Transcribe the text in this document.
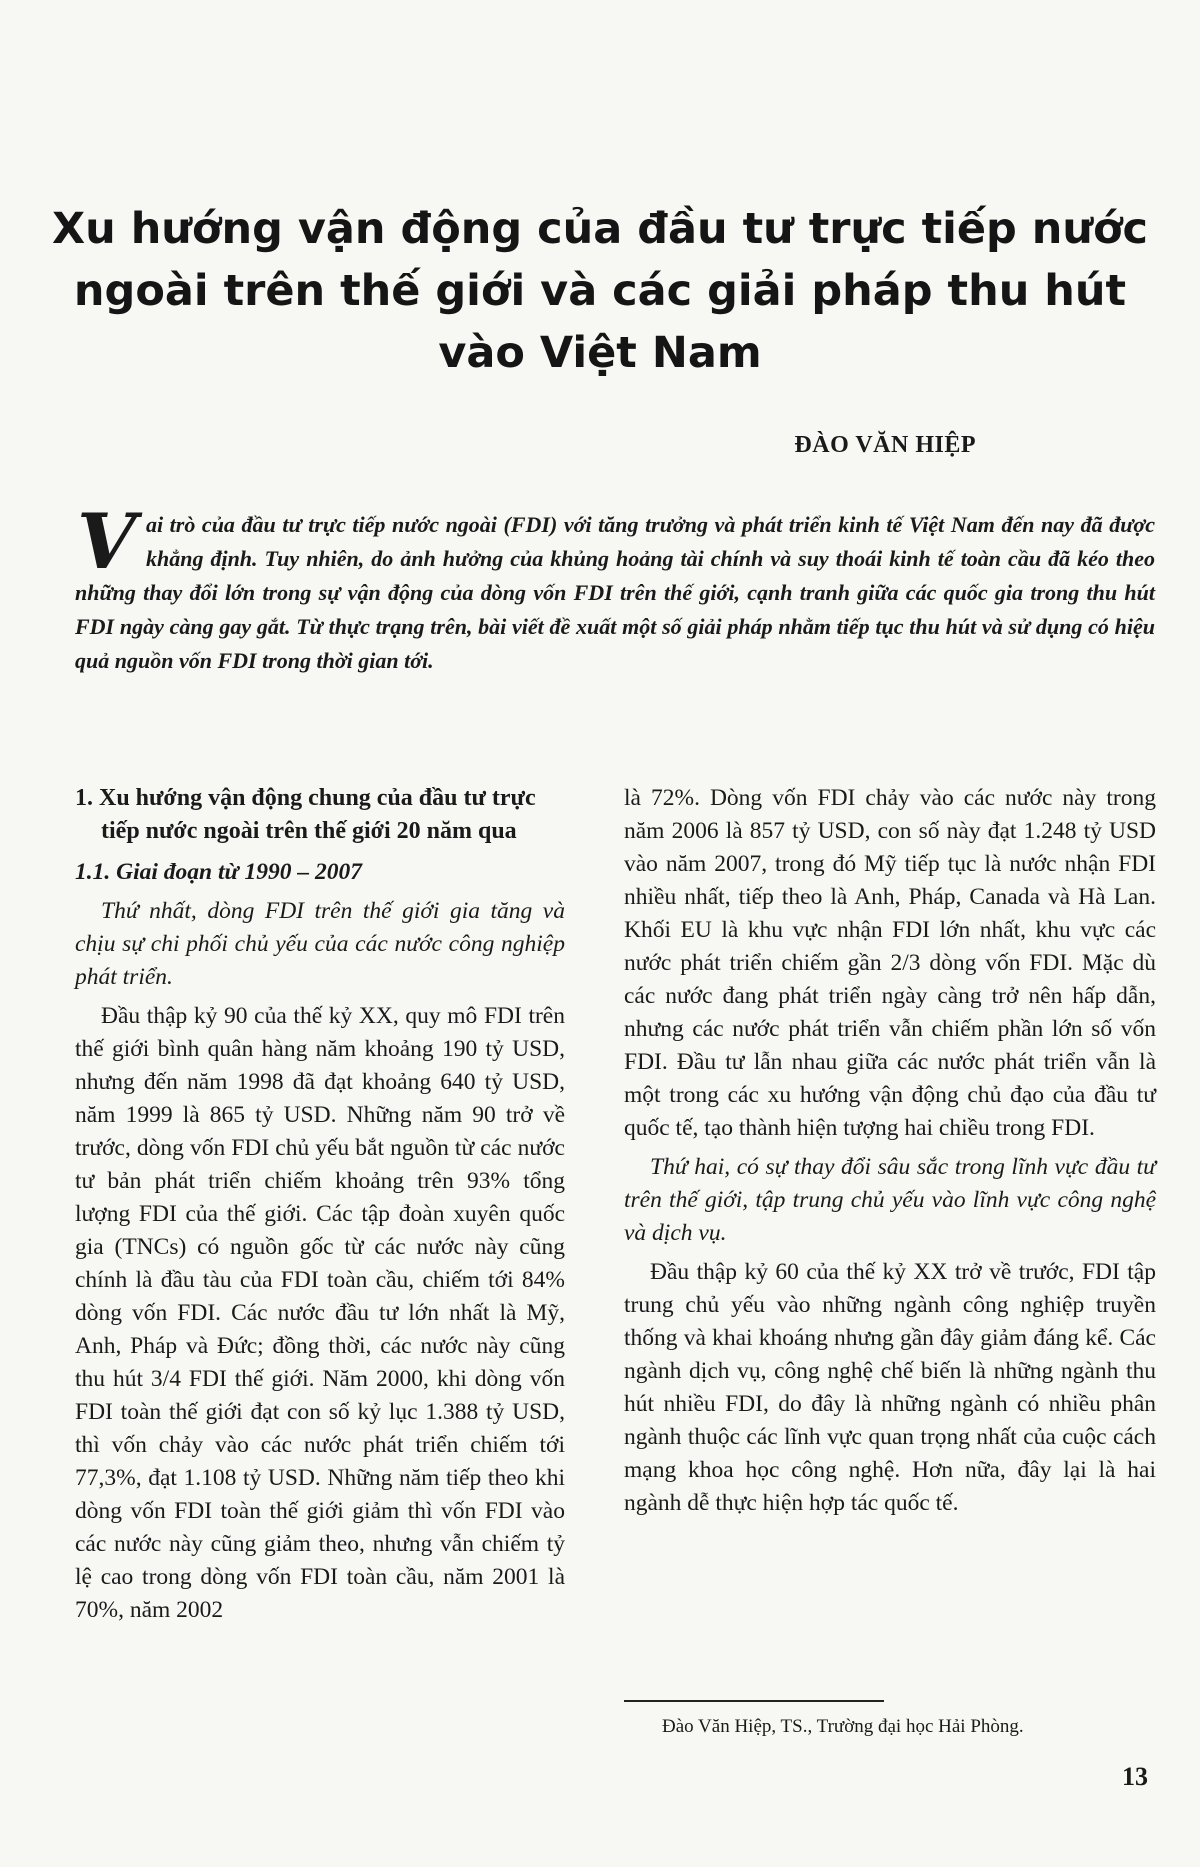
Xu hướng vận động của đầu tư trực tiếp nước ngoài trên thế giới và các giải pháp thu hút vào Việt Nam
ĐÀO VĂN HIỆP

V ai trò của đầu tư trực tiếp nước ngoài (FDI) với tăng trưởng và phát triển kinh tế Việt Nam đến nay đã được khẳng định. Tuy nhiên, do ảnh hưởng của khủng hoảng tài chính và suy thoái kinh tế toàn cầu đã kéo theo những thay đổi lớn trong sự vận động của dòng vốn FDI trên thế giới, cạnh tranh giữa các quốc gia trong thu hút FDI ngày càng gay gắt. Từ thực trạng trên, bài viết đề xuất một số giải pháp nhằm tiếp tục thu hút và sử dụng có hiệu quả nguồn vốn FDI trong thời gian tới.

1. Xu hướng vận động chung của đầu tư trực tiếp nước ngoài trên thế giới 20 năm qua

1.1. Giai đoạn từ 1990 – 2007

Thứ nhất, dòng FDI trên thế giới gia tăng và chịu sự chi phối chủ yếu của các nước công nghiệp phát triển.

Đầu thập kỷ 90 của thế kỷ XX, quy mô FDI trên thế giới bình quân hàng năm khoảng 190 tỷ USD, nhưng đến năm 1998 đã đạt khoảng 640 tỷ USD, năm 1999 là 865 tỷ USD. Những năm 90 trở về trước, dòng vốn FDI chủ yếu bắt nguồn từ các nước tư bản phát triển chiếm khoảng trên 93% tổng lượng FDI của thế giới. Các tập đoàn xuyên quốc gia (TNCs) có nguồn gốc từ các nước này cũng chính là đầu tàu của FDI toàn cầu, chiếm tới 84% dòng vốn FDI. Các nước đầu tư lớn nhất là Mỹ, Anh, Pháp và Đức; đồng thời, các nước này cũng thu hút 3/4 FDI thế giới. Năm 2000, khi dòng vốn FDI toàn thế giới đạt con số kỷ lục 1.388 tỷ USD, thì vốn chảy vào các nước phát triển chiếm tới 77,3%, đạt 1.108 tỷ USD. Những năm tiếp theo khi dòng vốn FDI toàn thế giới giảm thì vốn FDI vào các nước này cũng giảm theo, nhưng vẫn chiếm tỷ lệ cao trong dòng vốn FDI toàn cầu, năm 2001 là 70%, năm 2002

là 72%. Dòng vốn FDI chảy vào các nước này trong năm 2006 là 857 tỷ USD, con số này đạt 1.248 tỷ USD vào năm 2007, trong đó Mỹ tiếp tục là nước nhận FDI nhiều nhất, tiếp theo là Anh, Pháp, Canada và Hà Lan. Khối EU là khu vực nhận FDI lớn nhất, khu vực các nước phát triển chiếm gần 2/3 dòng vốn FDI. Mặc dù các nước đang phát triển ngày càng trở nên hấp dẫn, nhưng các nước phát triển vẫn chiếm phần lớn số vốn FDI. Đầu tư lẫn nhau giữa các nước phát triển vẫn là một trong các xu hướng vận động chủ đạo của đầu tư quốc tế, tạo thành hiện tượng hai chiều trong FDI.

Thứ hai, có sự thay đổi sâu sắc trong lĩnh vực đầu tư trên thế giới, tập trung chủ yếu vào lĩnh vực công nghệ và dịch vụ.

Đầu thập kỷ 60 của thế kỷ XX trở về trước, FDI tập trung chủ yếu vào những ngành công nghiệp truyền thống và khai khoáng nhưng gần đây giảm đáng kể. Các ngành dịch vụ, công nghệ chế biến là những ngành thu hút nhiều FDI, do đây là những ngành có nhiều phân ngành thuộc các lĩnh vực quan trọng nhất của cuộc cách mạng khoa học công nghệ. Hơn nữa, đây lại là hai ngành dễ thực hiện hợp tác quốc tế.

Đào Văn Hiệp, TS., Trường đại học Hải Phòng.
13
